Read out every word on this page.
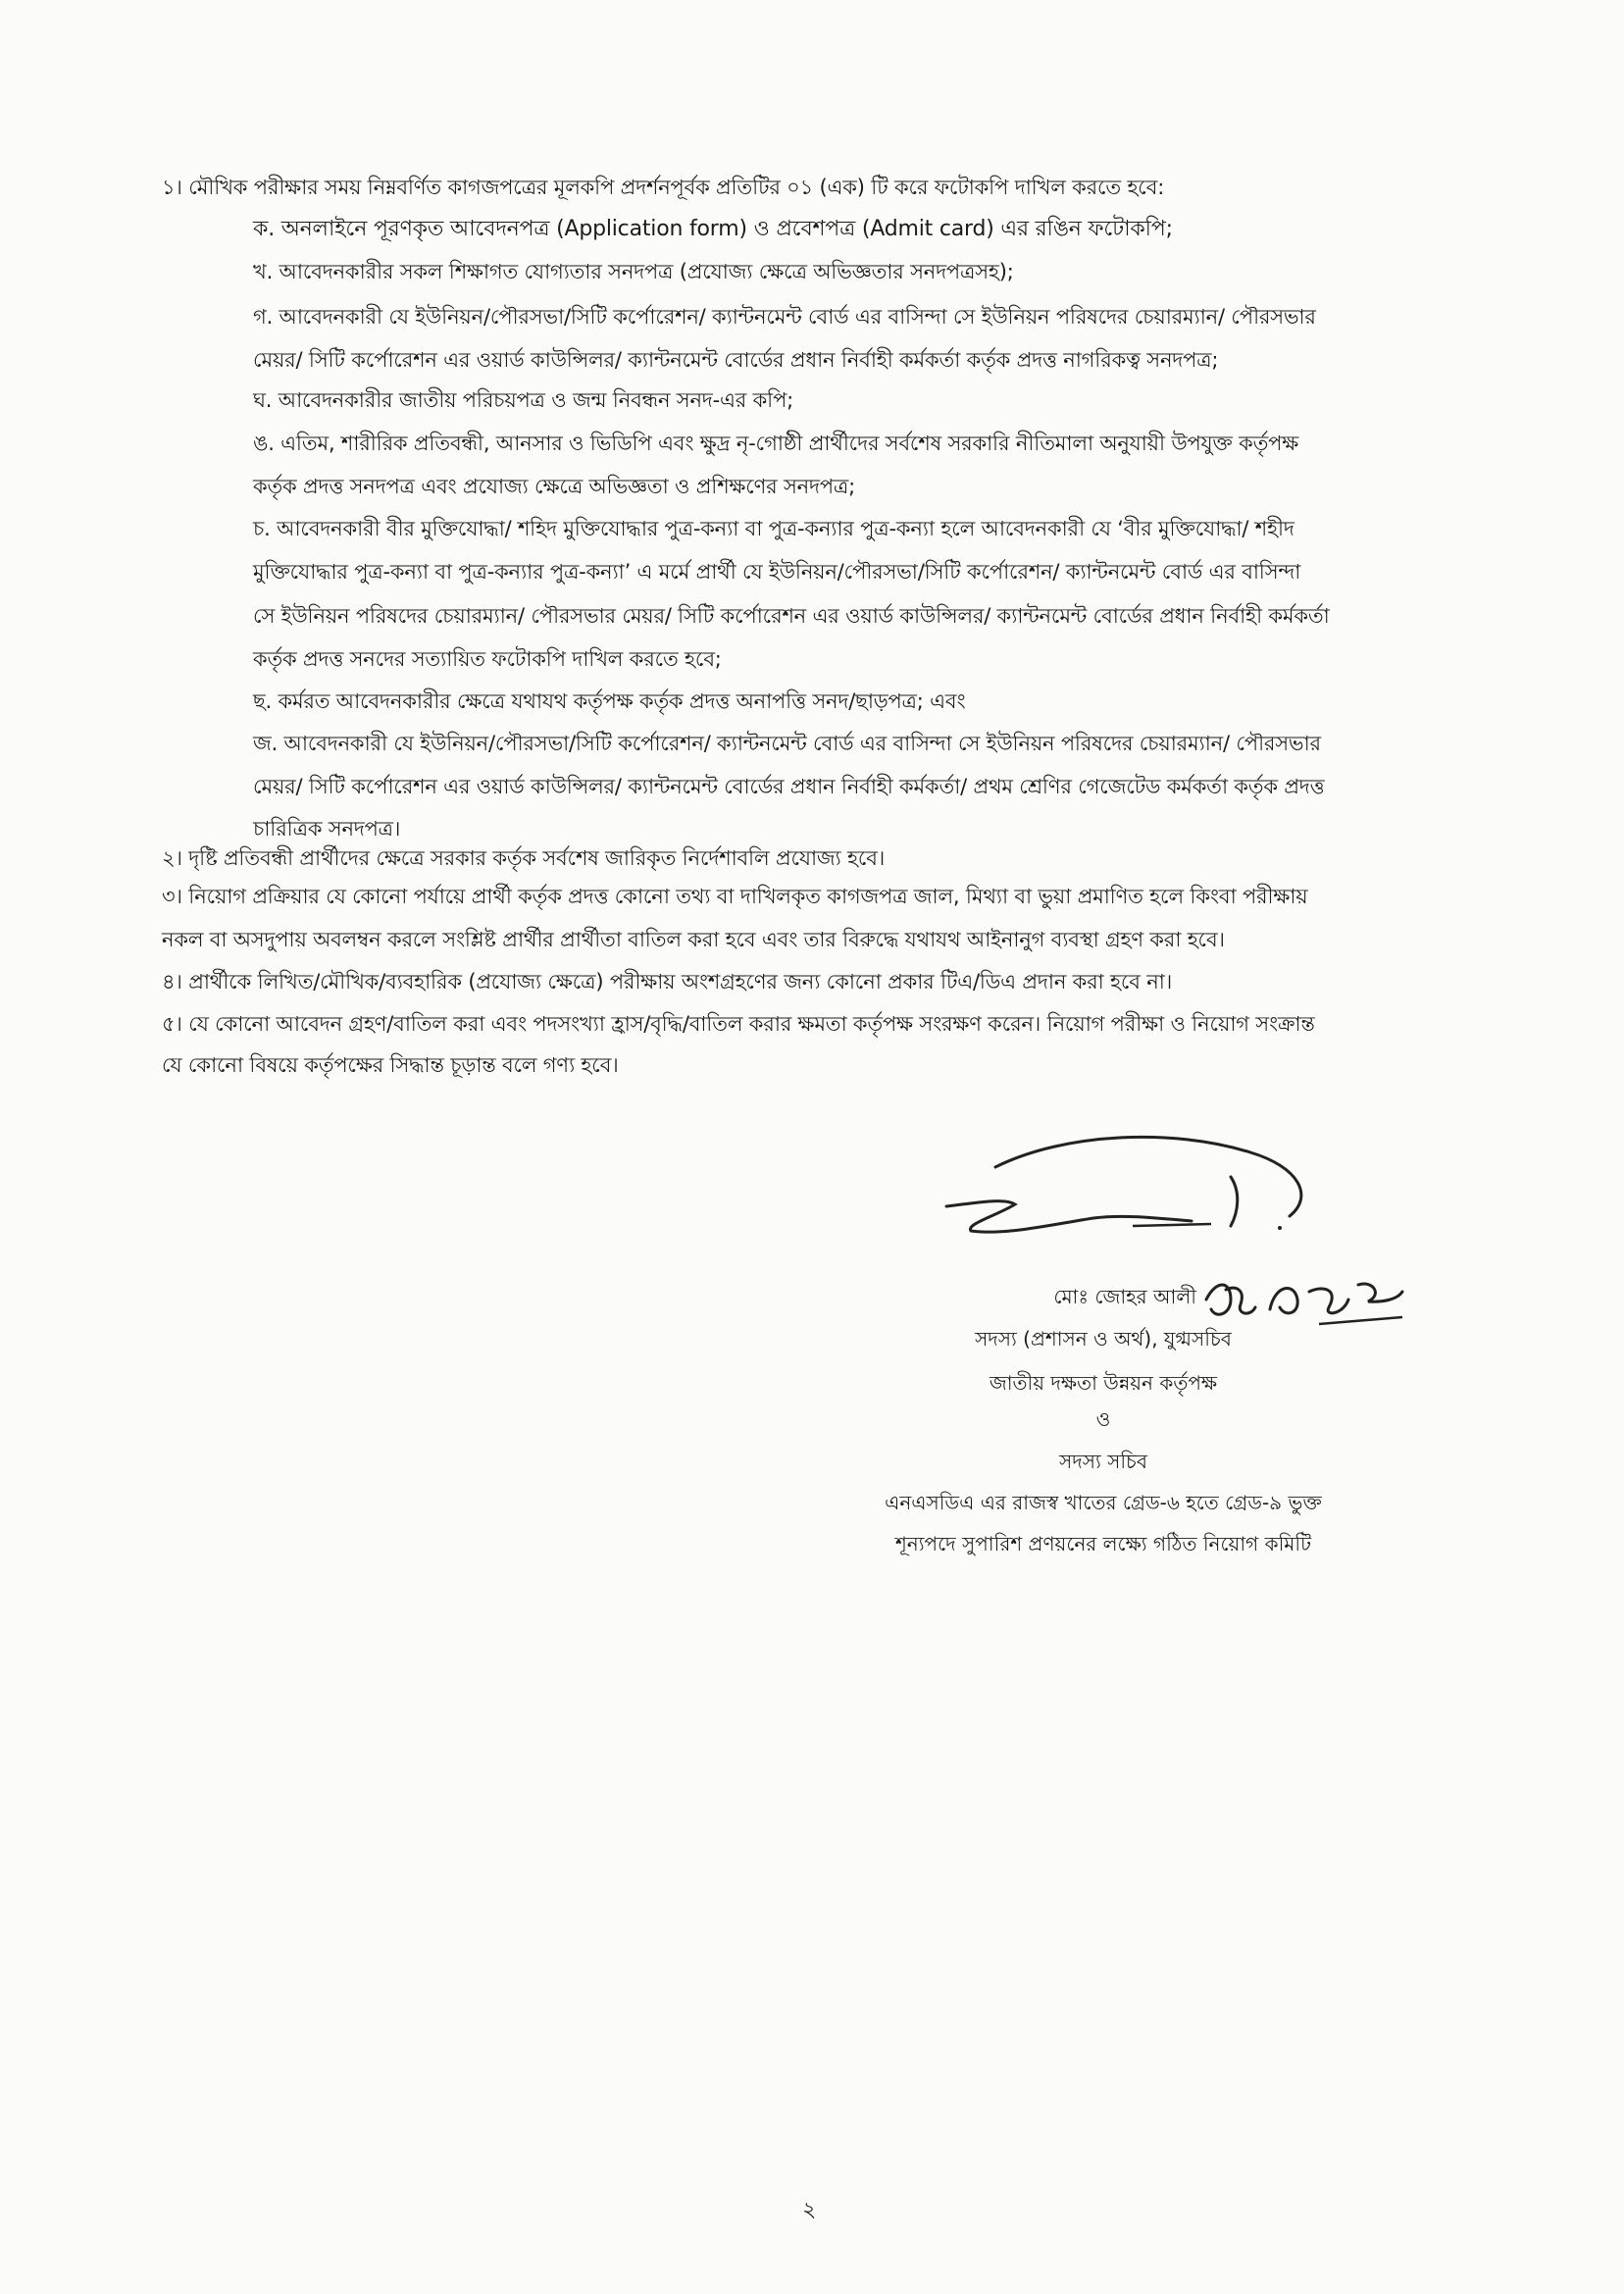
১। মৌখিক পরীক্ষার সময় নিম্নবর্ণিত কাগজপত্রের মূলকপি প্রদর্শনপূর্বক প্রতিটির ০১ (এক) টি করে ফটোকপি দাখিল করতে হবে:
ক. অনলাইনে পূরণকৃত আবেদনপত্র (Application form) ও প্রবেশপত্র (Admit card) এর রঙিন ফটোকপি;
খ. আবেদনকারীর সকল শিক্ষাগত যোগ্যতার সনদপত্র (প্রযোজ্য ক্ষেত্রে অভিজ্ঞতার সনদপত্রসহ);
গ. আবেদনকারী যে ইউনিয়ন/পৌরসভা/সিটি কর্পোরেশন/ ক্যান্টনমেন্ট বোর্ড এর বাসিন্দা সে ইউনিয়ন পরিষদের চেয়ারম্যান/ পৌরসভার
মেয়র/ সিটি কর্পোরেশন এর ওয়ার্ড কাউন্সিলর/ ক্যান্টনমেন্ট বোর্ডের প্রধান নির্বাহী কর্মকর্তা কর্তৃক প্রদত্ত নাগরিকত্ব সনদপত্র;
ঘ. আবেদনকারীর জাতীয় পরিচয়পত্র ও জন্ম নিবন্ধন সনদ-এর কপি;
ঙ. এতিম, শারীরিক প্রতিবন্ধী, আনসার ও ভিডিপি এবং ক্ষুদ্র নৃ-গোষ্ঠী প্রার্থীদের সর্বশেষ সরকারি নীতিমালা অনুযায়ী উপযুক্ত কর্তৃপক্ষ
কর্তৃক প্রদত্ত সনদপত্র এবং প্রযোজ্য ক্ষেত্রে অভিজ্ঞতা ও প্রশিক্ষণের সনদপত্র;
চ. আবেদনকারী বীর মুক্তিযোদ্ধা/ শহিদ মুক্তিযোদ্ধার পুত্র-কন্যা বা পুত্র-কন্যার পুত্র-কন্যা হলে আবেদনকারী যে ‘বীর মুক্তিযোদ্ধা/ শহীদ
মুক্তিযোদ্ধার পুত্র-কন্যা বা পুত্র-কন্যার পুত্র-কন্যা’ এ মর্মে প্রার্থী যে ইউনিয়ন/পৌরসভা/সিটি কর্পোরেশন/ ক্যান্টনমেন্ট বোর্ড এর বাসিন্দা
সে ইউনিয়ন পরিষদের চেয়ারম্যান/ পৌরসভার মেয়র/ সিটি কর্পোরেশন এর ওয়ার্ড কাউন্সিলর/ ক্যান্টনমেন্ট বোর্ডের প্রধান নির্বাহী কর্মকর্তা
কর্তৃক প্রদত্ত সনদের সত্যায়িত ফটোকপি দাখিল করতে হবে;
ছ. কর্মরত আবেদনকারীর ক্ষেত্রে যথাযথ কর্তৃপক্ষ কর্তৃক প্রদত্ত অনাপত্তি সনদ/ছাড়পত্র; এবং
জ. আবেদনকারী যে ইউনিয়ন/পৌরসভা/সিটি কর্পোরেশন/ ক্যান্টনমেন্ট বোর্ড এর বাসিন্দা সে ইউনিয়ন পরিষদের চেয়ারম্যান/ পৌরসভার
মেয়র/ সিটি কর্পোরেশন এর ওয়ার্ড কাউন্সিলর/ ক্যান্টনমেন্ট বোর্ডের প্রধান নির্বাহী কর্মকর্তা/ প্রথম শ্রেণির গেজেটেড কর্মকর্তা কর্তৃক প্রদত্ত
চারিত্রিক সনদপত্র।
২। দৃষ্টি প্রতিবন্ধী প্রার্থীদের ক্ষেত্রে সরকার কর্তৃক সর্বশেষ জারিকৃত নির্দেশাবলি প্রযোজ্য হবে।
৩। নিয়োগ প্রক্রিয়ার যে কোনো পর্যায়ে প্রার্থী কর্তৃক প্রদত্ত কোনো তথ্য বা দাখিলকৃত কাগজপত্র জাল, মিথ্যা বা ভুয়া প্রমাণিত হলে কিংবা পরীক্ষায়
নকল বা অসদুপায় অবলম্বন করলে সংশ্লিষ্ট প্রার্থীর প্রার্থীতা বাতিল করা হবে এবং তার বিরুদ্ধে যথাযথ আইনানুগ ব্যবস্থা গ্রহণ করা হবে।
৪। প্রার্থীকে লিখিত/মৌখিক/ব্যবহারিক (প্রযোজ্য ক্ষেত্রে) পরীক্ষায় অংশগ্রহণের জন্য কোনো প্রকার টিএ/ডিএ প্রদান করা হবে না।
৫। যে কোনো আবেদন গ্রহণ/বাতিল করা এবং পদসংখ্যা হ্রাস/বৃদ্ধি/বাতিল করার ক্ষমতা কর্তৃপক্ষ সংরক্ষণ করেন। নিয়োগ পরীক্ষা ও নিয়োগ সংক্রান্ত
যে কোনো বিষয়ে কর্তৃপক্ষের সিদ্ধান্ত চূড়ান্ত বলে গণ্য হবে।
মোঃ জোহর আলী
সদস্য (প্রশাসন ও অর্থ), যুগ্মসচিব
জাতীয় দক্ষতা উন্নয়ন কর্তৃপক্ষ
ও
সদস্য সচিব
এনএসডিএ এর রাজস্ব খাতের গ্রেড-৬ হতে গ্রেড-৯ ভুক্ত
শূন্যপদে সুপারিশ প্রণয়নের লক্ষ্যে গঠিত নিয়োগ কমিটি
২
